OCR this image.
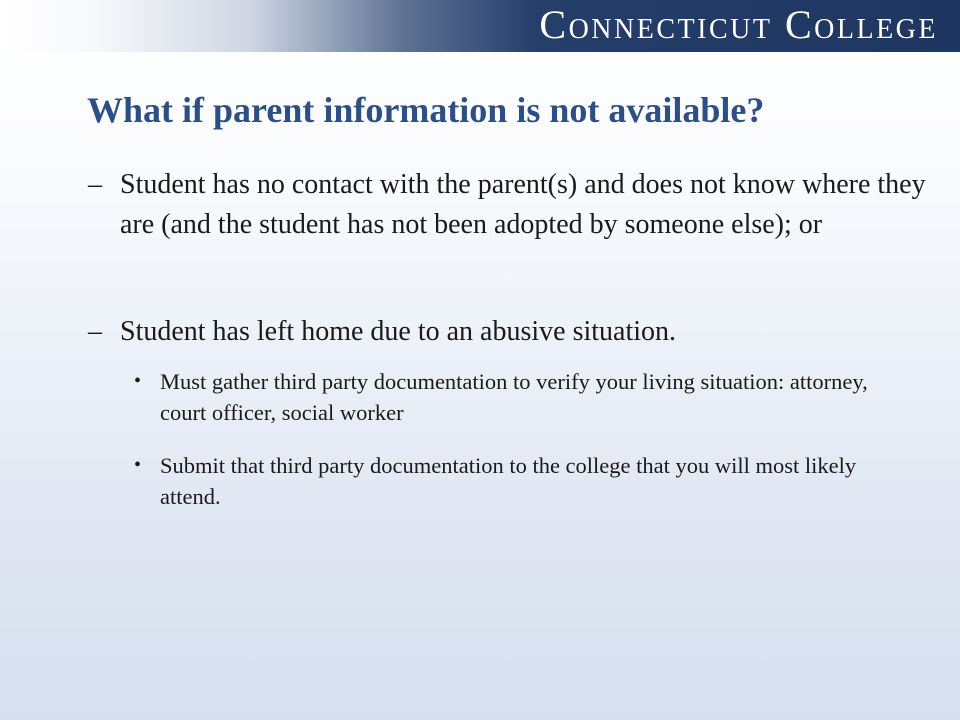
Connecticut College
What if parent information is not available?
– Student has no contact with the parent(s) and does not know where they are (and the student has not been adopted by someone else); or
– Student has left home due to an abusive situation.
• Must gather third party documentation to verify your living situation: attorney, court officer, social worker
• Submit that third party documentation to the college that you will most likely attend.
